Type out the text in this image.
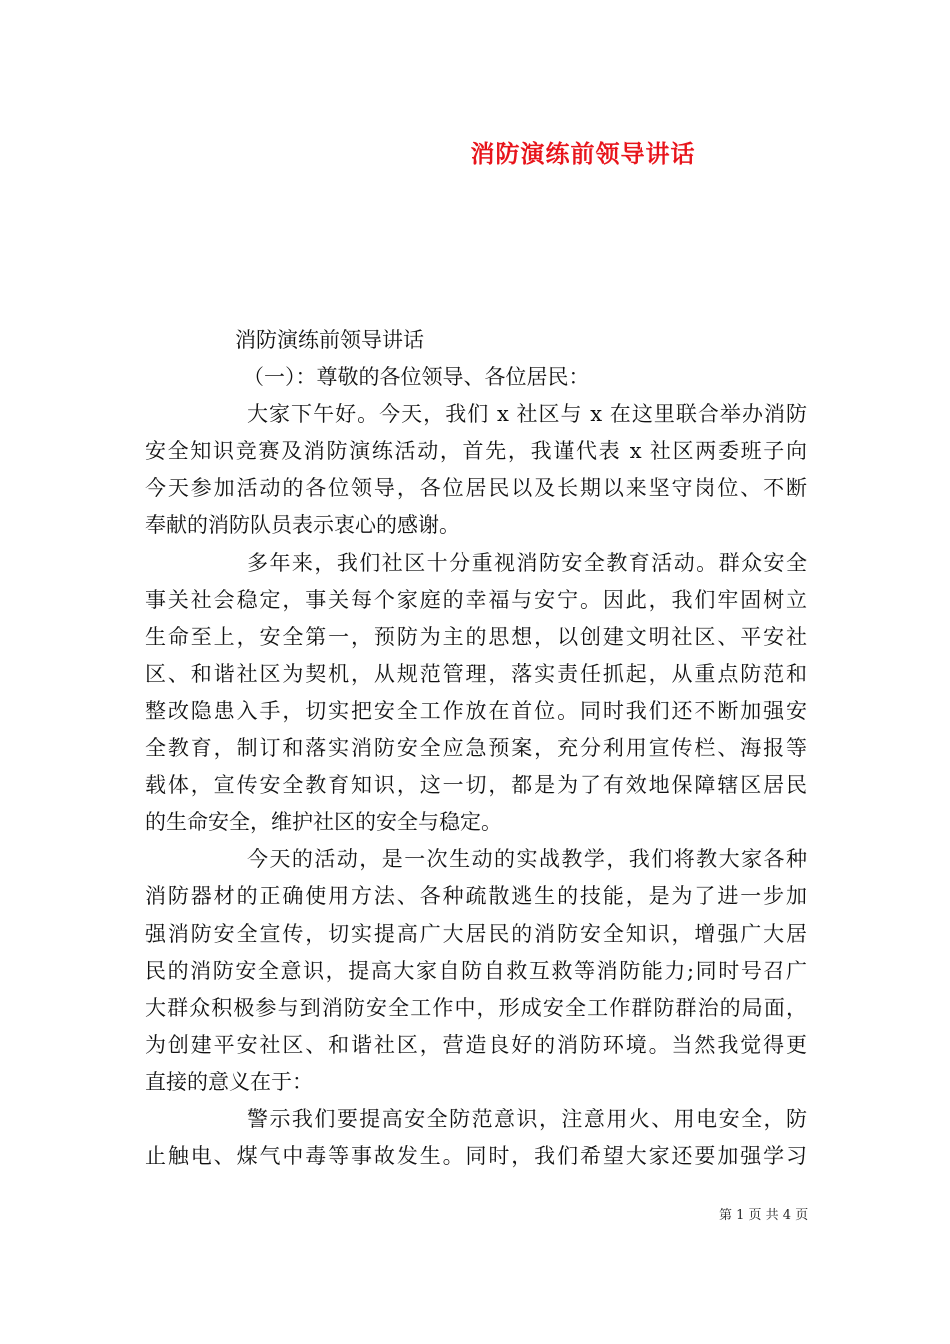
消防演练前领导讲话
消防演练前领导讲话
（一）：尊敬的各位领导、各位居民：
大家下午好。今天，我们 x 社区与 x 在这里联合举办消防
安全知识竞赛及消防演练活动，首先，我谨代表 x 社区两委班子向
今天参加活动的各位领导，各位居民以及长期以来坚守岗位、不断
奉献的消防队员表示衷心的感谢。
多年来，我们社区十分重视消防安全教育活动。群众安全
事关社会稳定，事关每个家庭的幸福与安宁。因此，我们牢固树立
生命至上，安全第一，预防为主的思想，以创建文明社区、平安社
区、和谐社区为契机，从规范管理，落实责任抓起，从重点防范和
整改隐患入手，切实把安全工作放在首位。同时我们还不断加强安
全教育，制订和落实消防安全应急预案，充分利用宣传栏、海报等
载体，宣传安全教育知识，这一切，都是为了有效地保障辖区居民
的生命安全，维护社区的安全与稳定。
今天的活动，是一次生动的实战教学，我们将教大家各种
消防器材的正确使用方法、各种疏散逃生的技能，是为了进一步加
强消防安全宣传，切实提高广大居民的消防安全知识，增强广大居
民的消防安全意识，提高大家自防自救互救等消防能力;同时号召广
大群众积极参与到消防安全工作中，形成安全工作群防群治的局面，
为创建平安社区、和谐社区，营造良好的消防环境。当然我觉得更
直接的意义在于：
警示我们要提高安全防范意识，注意用火、用电安全，防
止触电、煤气中毒等事故发生。同时，我们希望大家还要加强学习
第 1 页 共 4 页
